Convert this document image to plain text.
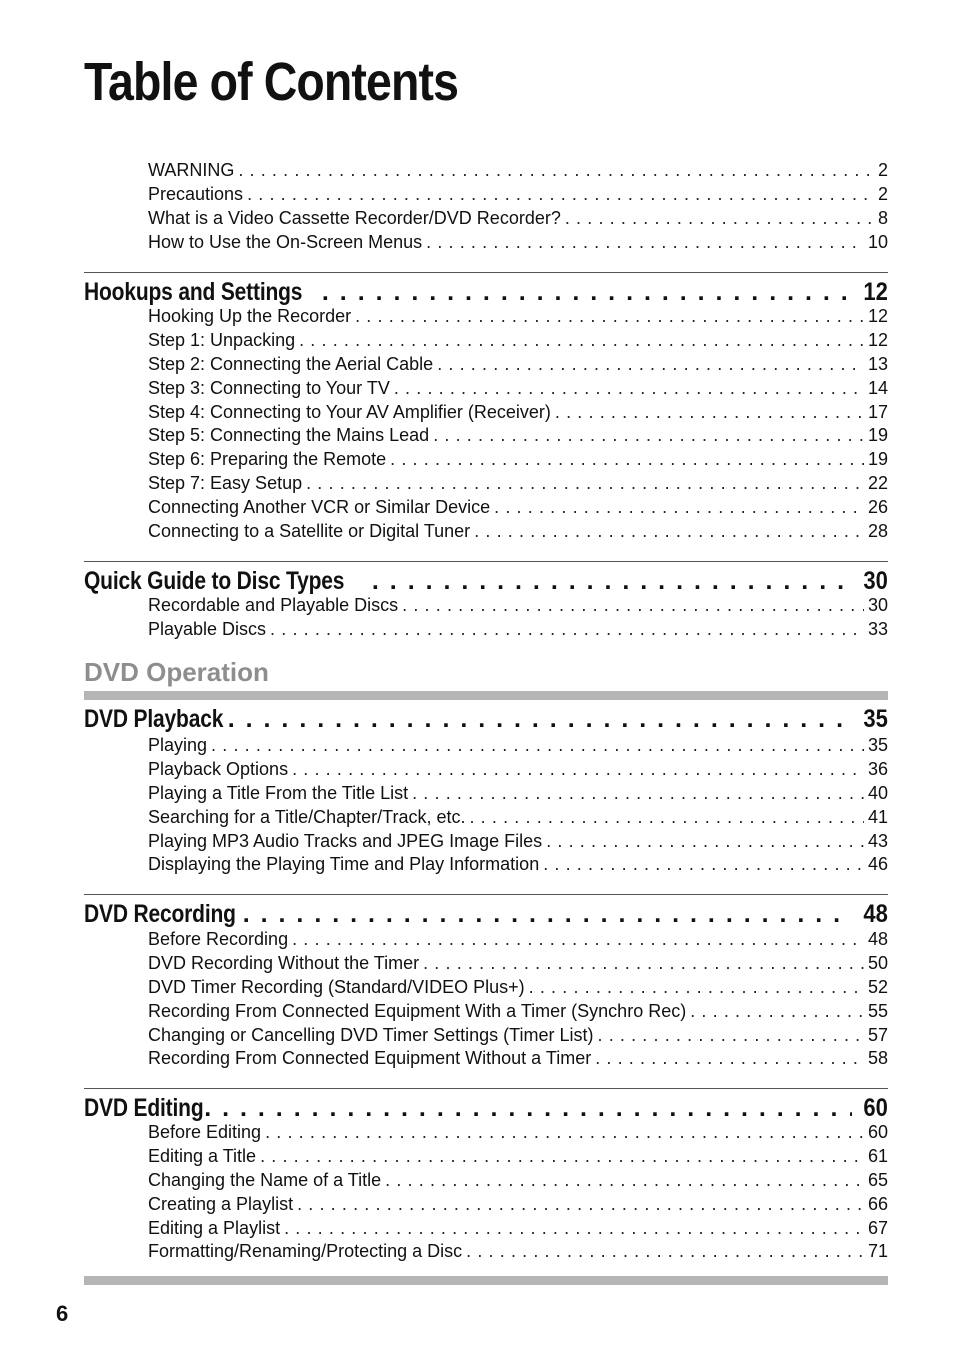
Table of Contents
WARNING . . .	2
Precautions . . .	2
What is a Video Cassette Recorder/DVD Recorder? . . .	8
How to Use the On-Screen Menus . . .	10
Hookups and Settings . . .	12
Hooking Up the Recorder . . .	12
Step 1: Unpacking . . .	12
Step 2: Connecting the Aerial Cable . . .	13
Step 3: Connecting to Your TV . . .	14
Step 4: Connecting to Your AV Amplifier (Receiver) . . .	17
Step 5: Connecting the Mains Lead . . .	19
Step 6: Preparing the Remote . . .	19
Step 7: Easy Setup . . .	22
Connecting Another VCR or Similar Device . . .	26
Connecting to a Satellite or Digital Tuner . . .	28
Quick Guide to Disc Types . . .	30
Recordable and Playable Discs . . .	30
Playable Discs . . .	33
DVD Operation
DVD Playback . . .	35
Playing . . .	35
Playback Options . . .	36
Playing a Title From the Title List . . .	40
Searching for a Title/Chapter/Track, etc. . . .	41
Playing MP3 Audio Tracks and JPEG Image Files . . .	43
Displaying the Playing Time and Play Information . . .	46
DVD Recording . . .	48
Before Recording . . .	48
DVD Recording Without the Timer . . .	50
DVD Timer Recording (Standard/VIDEO Plus+) . . .	52
Recording From Connected Equipment With a Timer (Synchro Rec) . . .	55
Changing or Cancelling DVD Timer Settings (Timer List) . . .	57
Recording From Connected Equipment Without a Timer . . .	58
DVD Editing . . .	60
Before Editing . . .	60
Editing a Title . . .	61
Changing the Name of a Title . . .	65
Creating a Playlist . . .	66
Editing a Playlist . . .	67
Formatting/Renaming/Protecting a Disc . . .	71
6
